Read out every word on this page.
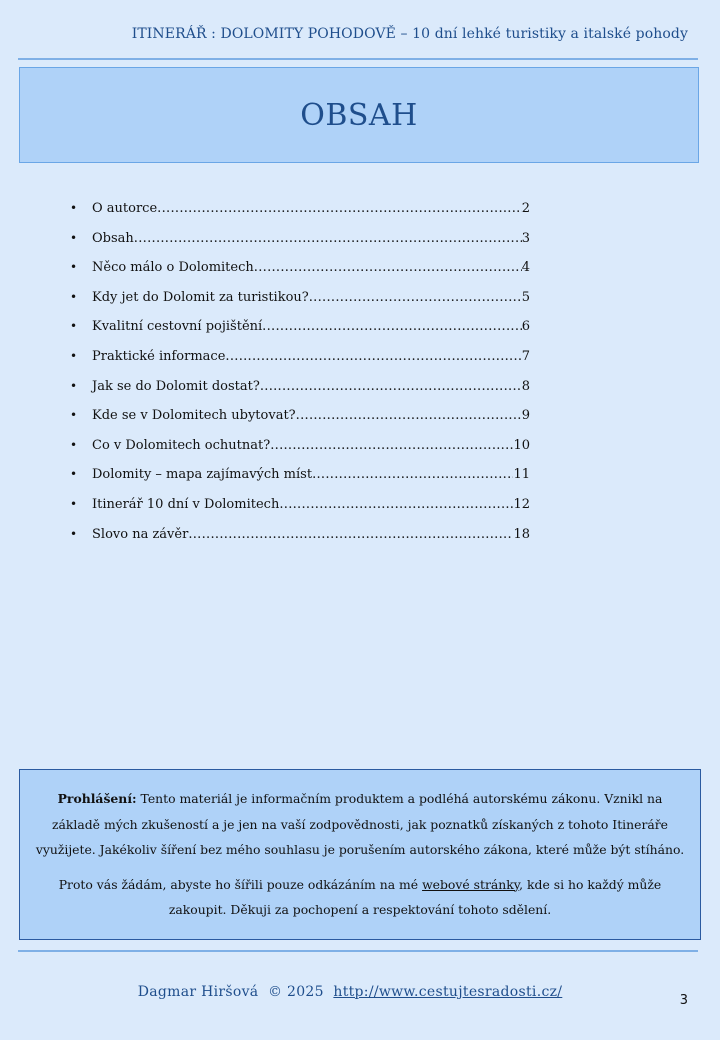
ITINERÁŘ : DOLOMITY POHODOVĚ – 10 dní lehké turistiky a italské pohody
OBSAH
•	O autorce .....	2
•	Obsah .....	3
•	Něco málo o Dolomitech .....	4
•	Kdy jet do Dolomit za turistikou? .....	5
•	Kvalitní cestovní pojištění .....	6
•	Praktické informace .....	7
•	Jak se do Dolomit dostat? .....	8
•	Kde se v Dolomitech ubytovat? .....	9
•	Co v Dolomitech ochutnat? .....	10
•	Dolomity – mapa zajímavých míst .....	11
•	Itinerář 10 dní v Dolomitech .....	12
•	Slovo na závěr .....	18

Prohlášení: Tento materiál je informačním produktem a podléhá autorskému zákonu. Vznikl na základě mých zkušeností a je jen na vaší zodpovědnosti, jak poznatků získaných z tohoto Itineráře využijete. Jakékoliv šíření bez mého souhlasu je porušením autorského zákona, které může být stíháno.

Proto vás žádám, abyste ho šířili pouze odkázáním na mé webové stránky, kde si ho každý může zakoupit. Děkuji za pochopení a respektování tohoto sdělení.

Dagmar Hiršová © 2025 http://www.cestujtesradosti.cz/
3
